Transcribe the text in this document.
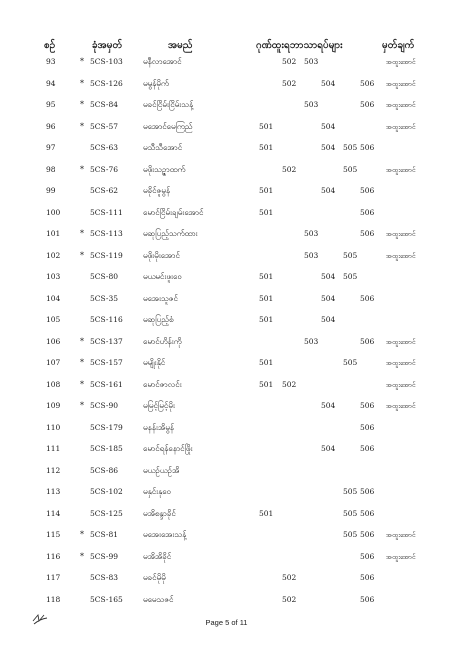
စဉ်	ခုံအမှတ်	အမည်	ဂုဏ်ထူးရဘာသာရပ်များ	မှတ်ချက်
93	* 5CS-103	မနီလာအောင်	502	503	အထူးအောင်
94	* 5CS-126	မမွန်မိုက်	502	504	506	အထူးအောင်
95	* 5CS-84	မခင်ငြိမ်းငြိမ်းသန့်	503	506	အထူးအောင်
96	* 5CS-57	မအောင်မေကြည်	501	504	အထူးအောင်
97	5CS-63	မသီသီအောင်	501	504	505 506
98	* 5CS-76	မဖိုးသဥ္ဇာထက်	502	505	အထူးအောင်
99	5CS-62	မခိုင်ဇူမွန်	501	504	506
100	5CS-111	မောင်ငြိမ်းချမ်းအောင်	501	506
101	* 5CS-113	မဆုပြည့်သက်ထား	503	506	အထူးအောင်
102	* 5CS-119	မဖိုးမိုးအောင်	503	505	အထူးအောင်
103	5CS-80	မယမင်းဖူးဝေ	501	504	505
104	5CS-35	မအေးသူဇင်	501	504	506
105	5CS-116	မဆုပြည့်စံ	501	504
106	* 5CS-137	မောင်ဟိန်းကို	503	506	အထူးအောင်
107	* 5CS-157	မမျိုးနိုင်	501	505	အထူးအောင်
108	* 5CS-161	မောင်ဇာလင်း	501	502	အထူးအောင်
109	* 5CS-90	မမြင့်မြင့်မိုး	504	506	အထူးအောင်
110	5CS-179	မနန်းအိမွန်	506
111	5CS-185	မောင်ရန်နောင်ဖြိုး	504	506
112	5CS-86	မယဉ်ယဉ်အိ
113	5CS-102	မနှင်းနုဝေ	505 506
114	5CS-125	မအိစန္ဒာခိုင်	501	505 506
115	* 5CS-81	မအေးအေးသန့်	505 506	အထူးအောင်
116	* 5CS-99	မအိအိခိုင်	506	အထူးအောင်
117	5CS-83	မခင်မိုမို	502	506
118	5CS-165	မမေသဇင်	502	506
Page 5 of 11
